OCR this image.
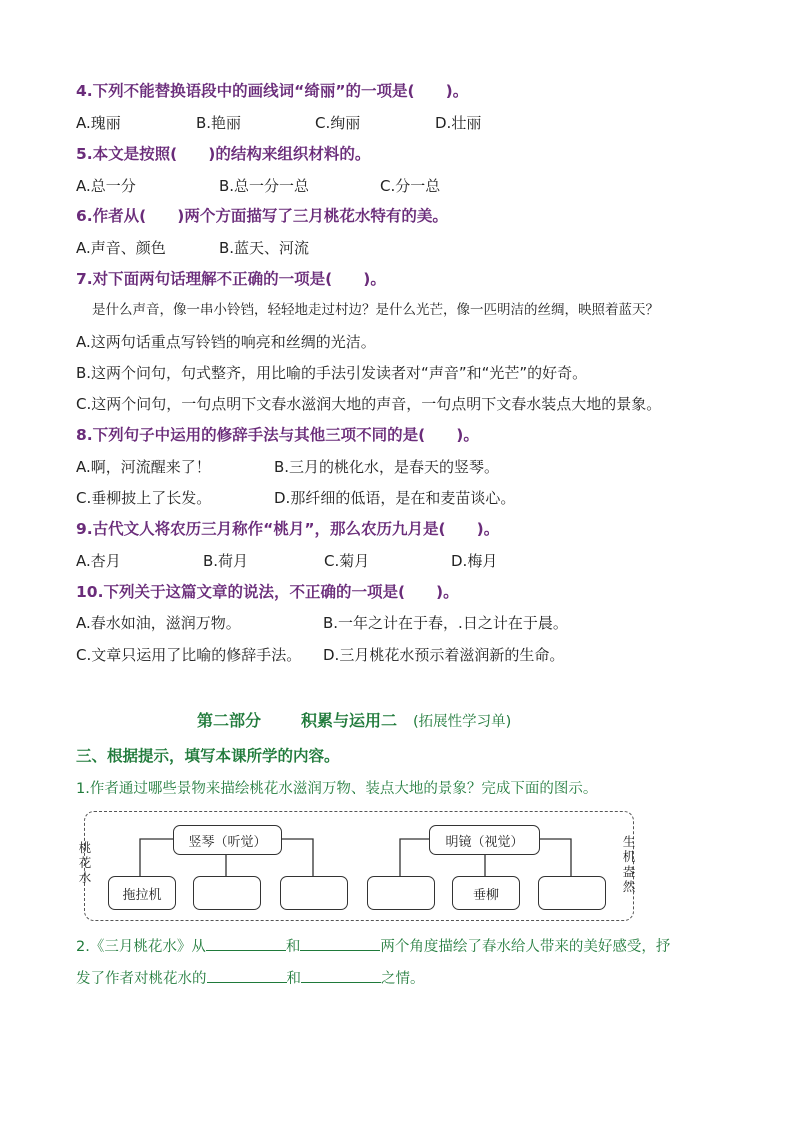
4.下列不能替换语段中的画线词“绮丽”的一项是(　　)。
A.瑰丽	B.艳丽	C.绚丽	D.壮丽
5.本文是按照(　　)的结构来组织材料的。
A.总一分	B.总一分一总	C.分一总
6.作者从(　　)两个方面描写了三月桃花水特有的美。
A.声音、颜色	B.蓝天、河流
7.对下面两句话理解不正确的一项是(　　)。
是什么声音，像一串小铃铛，轻轻地走过村边？是什么光芒，像一匹明洁的丝绸，映照着蓝天？
A.这两句话重点写铃铛的响亮和丝绸的光洁。
B.这两个问句，句式整齐，用比喻的手法引发读者对“声音”和“光芒”的好奇。
C.这两个问句，一句点明下文春水滋润大地的声音，一句点明下文春水装点大地的景象。
8.下列句子中运用的修辞手法与其他三项不同的是(　　)。
A.啊，河流醒来了！	B.三月的桃化水，是春天的竖琴。
C.垂柳披上了长发。	D.那纤细的低语，是在和麦苗谈心。
9.古代文人将农历三月称作“桃月”，那么农历九月是(　　)。
A.杏月	B.荷月	C.菊月	D.梅月
10.下列关于这篇文章的说法，不正确的一项是(　　)。
A.春水如油，滋润万物。	B.一年之计在于春，.日之计在于晨。
C.文章只运用了比喻的修辞手法。 D.三月桃花水预示着滋润新的生命。
第二部分 积累与运用二 (拓展性学习单)
三、根据提示，填写本课所学的内容。
1.作者通过哪些景物来描绘桃花水滋润万物、装点大地的景象？完成下面的图示。
桃花水
生机盎然
竖琴（听觉）
拖拉机
明镜（视觉）
垂柳
2.《三月桃花水》从	和	两个角度描绘了春水给人带来的美好感受，抒
发了作者对桃花水的	和	之情。
